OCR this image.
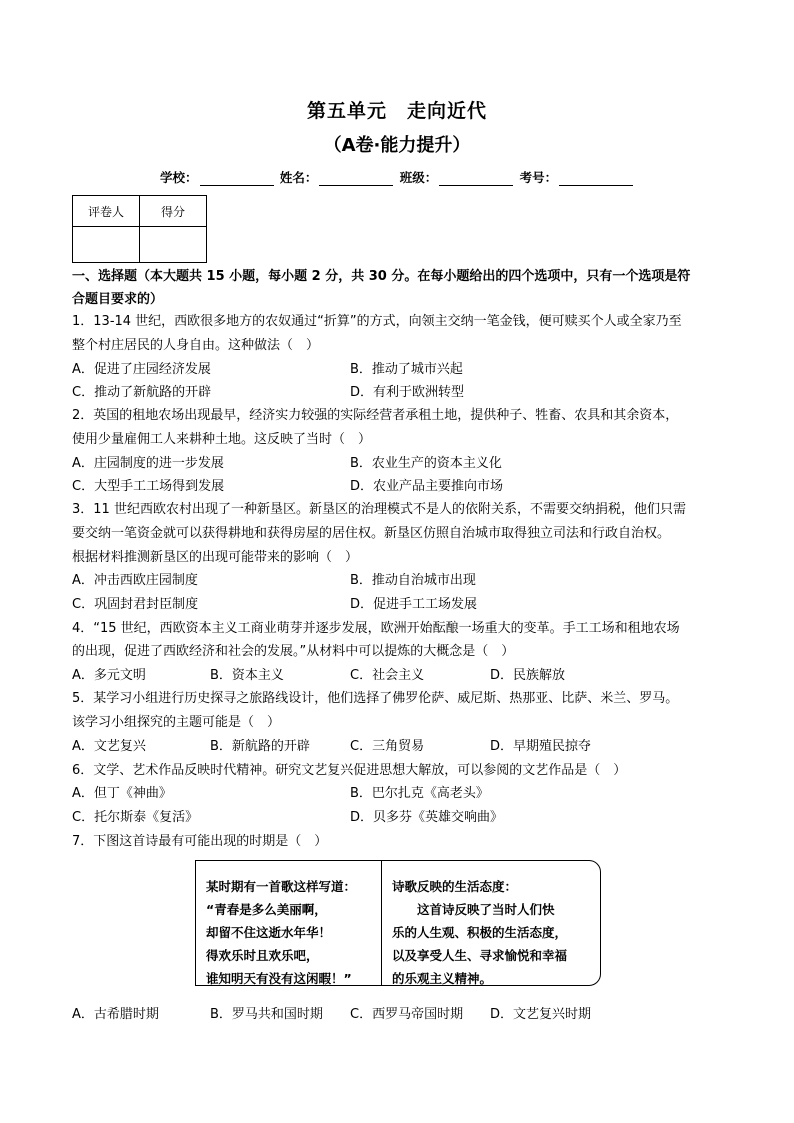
第五单元　走向近代
（A卷·能力提升）
学校：	姓名：	班级：	考号：
评卷人	得分

一、选择题（本大题共 15 小题，每小题 2 分，共 30 分。在每小题给出的四个选项中，只有一个选项是符
合题目要求的）
1．13-14 世纪，西欧很多地方的农奴通过“折算”的方式，向领主交纳一笔金钱，便可赎买个人或全家乃至
整个村庄居民的人身自由。这种做法（　）
A．促进了庄园经济发展	B．推动了城市兴起
C．推动了新航路的开辟	D．有利于欧洲转型
2．英国的租地农场出现最早，经济实力较强的实际经营者承租土地，提供种子、牲畜、农具和其余资本，
使用少量雇佣工人来耕种土地。这反映了当时（　）
A．庄园制度的进一步发展	B．农业生产的资本主义化
C．大型手工工场得到发展	D．农业产品主要推向市场
3．11 世纪西欧农村出现了一种新垦区。新垦区的治理模式不是人的依附关系，不需要交纳捐税，他们只需
要交纳一笔资金就可以获得耕地和获得房屋的居住权。新垦区仿照自治城市取得独立司法和行政自治权。
根据材料推测新垦区的出现可能带来的影响（　）
A．冲击西欧庄园制度	B．推动自治城市出现
C．巩固封君封臣制度	D．促进手工工场发展
4．“15 世纪，西欧资本主义工商业萌芽并逐步发展，欧洲开始酝酿一场重大的变革。手工工场和租地农场
的出现，促进了西欧经济和社会的发展。”从材料中可以提炼的大概念是（　）
A．多元文明	B．资本主义	C．社会主义	D．民族解放
5．某学习小组进行历史探寻之旅路线设计，他们选择了佛罗伦萨、威尼斯、热那亚、比萨、米兰、罗马。
该学习小组探究的主题可能是（　）
A．文艺复兴	B．新航路的开辟	C．三角贸易	D．早期殖民掠夺
6．文学、艺术作品反映时代精神。研究文艺复兴促进思想大解放，可以参阅的文艺作品是（　）
A．但丁《神曲》	B．巴尔扎克《高老头》
C．托尔斯泰《复活》	D．贝多芬《英雄交响曲》
7．下图这首诗最有可能出现的时期是（　）
某时期有一首歌这样写道：
“青春是多么美丽啊，
却留不住这逝水年华！
得欢乐时且欢乐吧，
谁知明天有没有这闲暇！”
诗歌反映的生活态度：
这首诗反映了当时人们快
乐的人生观、积极的生活态度，
以及享受人生、寻求愉悦和幸福
的乐观主义精神。
A．古希腊时期	B．罗马共和国时期 C．西罗马帝国时期 D．文艺复兴时期
